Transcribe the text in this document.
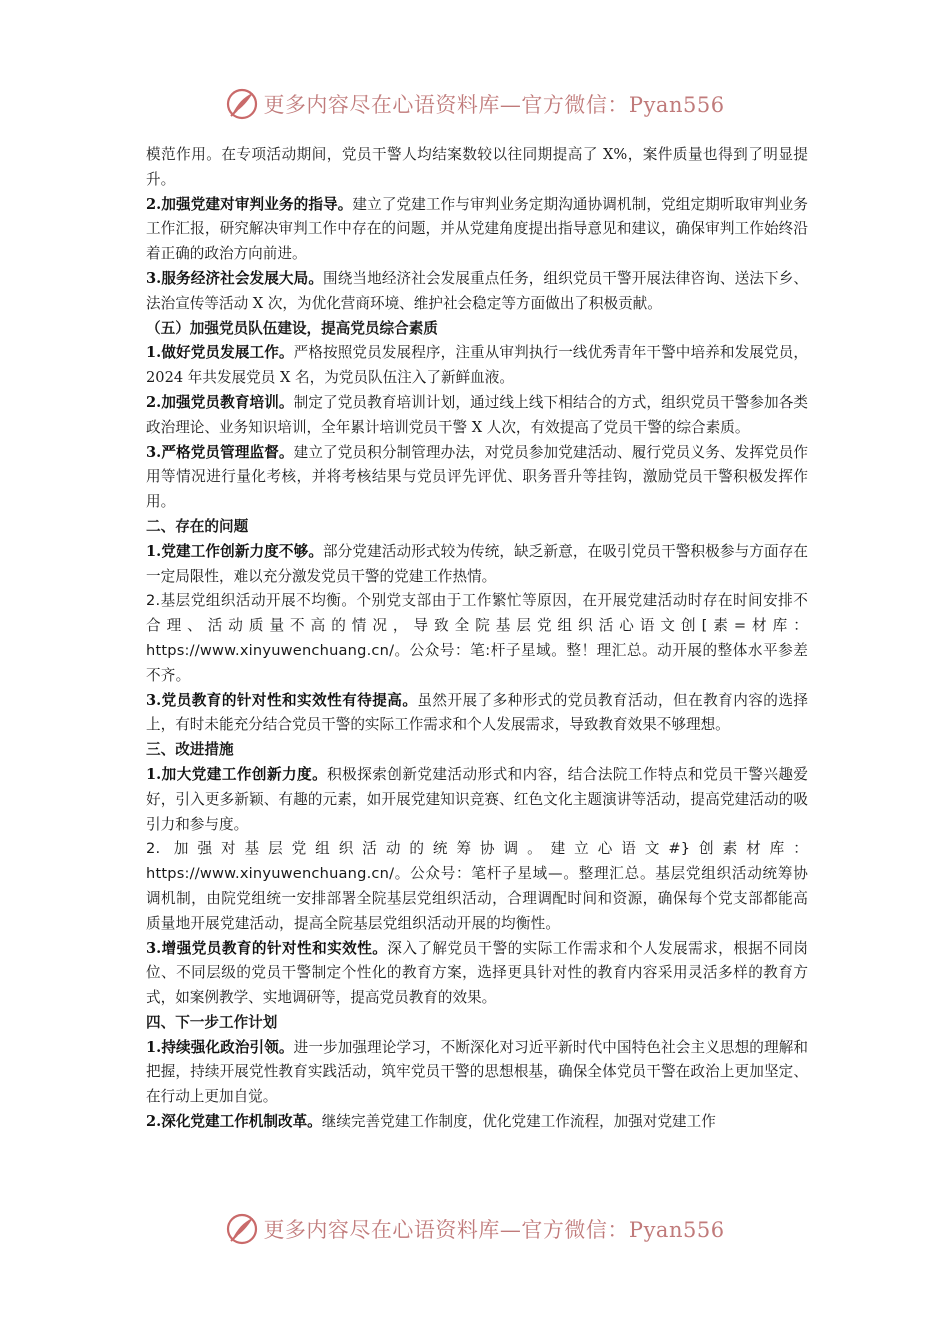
更多内容尽在心语资料库—官方微信：Pyan556

模范作用。在专项活动期间，党员干警人均结案数较以往同期提高了 X%，案件质量也得到了明显提升。

2.加强党建对审判业务的指导。建立了党建工作与审判业务定期沟通协调机制，党组定期听取审判业务工作汇报，研究解决审判工作中存在的问题，并从党建角度提出指导意见和建议，确保审判工作始终沿着正确的政治方向前进。

3.服务经济社会发展大局。围绕当地经济社会发展重点任务，组织党员干警开展法律咨询、送法下乡、法治宣传等活动 X 次，为优化营商环境、维护社会稳定等方面做出了积极贡献。

（五）加强党员队伍建设，提高党员综合素质

1.做好党员发展工作。严格按照党员发展程序，注重从审判执行一线优秀青年干警中培养和发展党员，2024 年共发展党员 X 名，为党员队伍注入了新鲜血液。

2.加强党员教育培训。制定了党员教育培训计划，通过线上线下相结合的方式，组织党员干警参加各类政治理论、业务知识培训，全年累计培训党员干警 X 人次，有效提高了党员干警的综合素质。

3.严格党员管理监督。建立了党员积分制管理办法，对党员参加党建活动、履行党员义务、发挥党员作用等情况进行量化考核，并将考核结果与党员评先评优、职务晋升等挂钩，激励党员干警积极发挥作用。

二、存在的问题

1.党建工作创新力度不够。部分党建活动形式较为传统，缺乏新意，在吸引党员干警积极参与方面存在一定局限性，难以充分激发党员干警的党建工作热情。

2.基层党组织活动开展不均衡。个别党支部由于工作繁忙等原因，在开展党建活动时存在时间安排不合理、活动质量不高的情况，导致全院基层党组织活心语文创[素=材库：https://www.xinyuwenchuang.cn/。公众号：笔:杆子星域。整！理汇总。动开展的整体水平参差不齐。

3.党员教育的针对性和实效性有待提高。虽然开展了多种形式的党员教育活动，但在教育内容的选择上，有时未能充分结合党员干警的实际工作需求和个人发展需求，导致教育效果不够理想。

三、改进措施

1.加大党建工作创新力度。积极探索创新党建活动形式和内容，结合法院工作特点和党员干警兴趣爱好，引入更多新颖、有趣的元素，如开展党建知识竞赛、红色文化主题演讲等活动，提高党建活动的吸引力和参与度。

2. 加强对基层党组织活动的统筹协调。建立心语文#}创素材库：https://www.xinyuwenchuang.cn/。公众号：笔杆子星域—。整理汇总。基层党组织活动统筹协调机制，由院党组统一安排部署全院基层党组织活动，合理调配时间和资源，确保每个党支部都能高质量地开展党建活动，提高全院基层党组织活动开展的均衡性。

3.增强党员教育的针对性和实效性。深入了解党员干警的实际工作需求和个人发展需求，根据不同岗位、不同层级的党员干警制定个性化的教育方案，选择更具针对性的教育内容采用灵活多样的教育方式，如案例教学、实地调研等，提高党员教育的效果。

四、下一步工作计划

1.持续强化政治引领。进一步加强理论学习，不断深化对习近平新时代中国特色社会主义思想的理解和把握，持续开展党性教育实践活动，筑牢党员干警的思想根基，确保全体党员干警在政治上更加坚定、在行动上更加自觉。

2.深化党建工作机制改革。继续完善党建工作制度，优化党建工作流程，加强对党建工作

更多内容尽在心语资料库—官方微信：Pyan556
